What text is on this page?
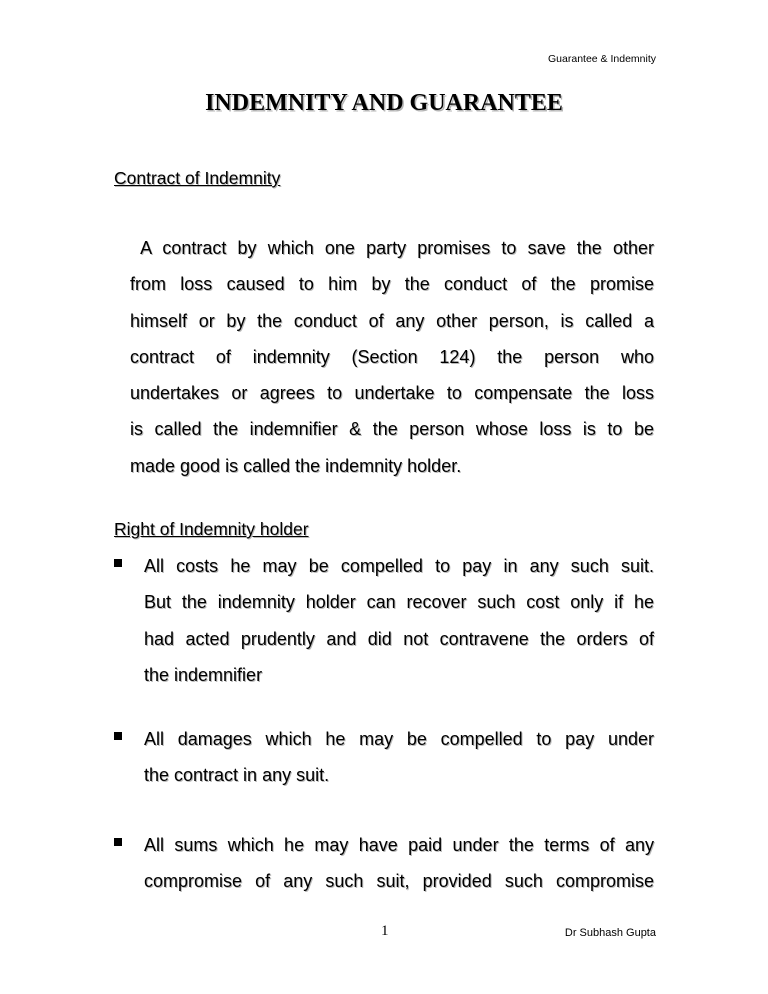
Guarantee & Indemnity
INDEMNITY AND GUARANTEE
Contract of Indemnity
A contract by which one party promises to save the other
from loss caused to him by the conduct of the promise
himself or by the conduct of any other person, is called a
contract of indemnity (Section 124) the person who
undertakes or agrees to undertake to compensate the loss
is called the indemnifier & the person whose loss is to be
made good is called the indemnity holder.
Right of Indemnity holder
All costs he may be compelled to pay in any such suit.
But the indemnity holder can recover such cost only if he
had acted prudently and did not contravene the orders of
the indemnifier
All damages which he may be compelled to pay under
the contract in any suit.
All sums which he may have paid under the terms of any
compromise of any such suit, provided such compromise
1	Dr Subhash Gupta
